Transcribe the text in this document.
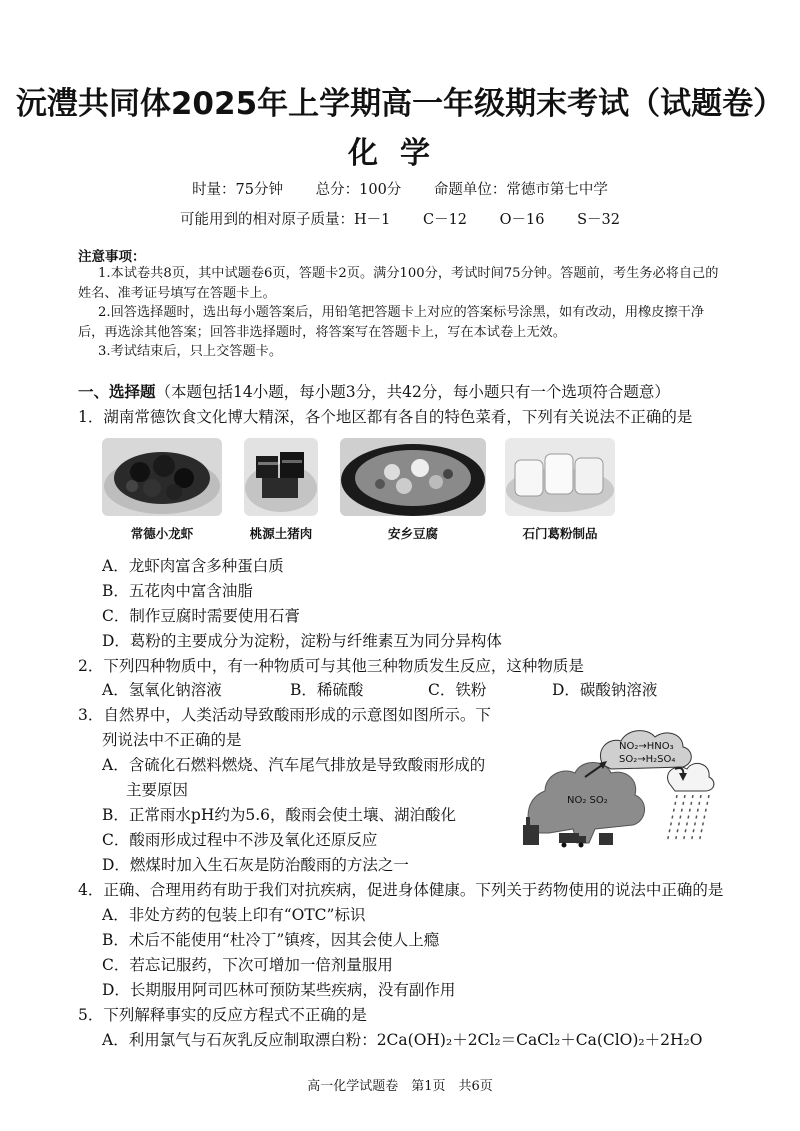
沅澧共同体2025年上学期高一年级期末考试（试题卷）
化学
时量：75分钟 总分：100分 命题单位：常德市第七中学
可能用到的相对原子质量：H－1 C－12 O－16 S－32
注意事项：
1.本试卷共8页，其中试题卷6页，答题卡2页。满分100分，考试时间75分钟。答题前，考生务必将自己的姓名、准考证号填写在答题卡上。
2.回答选择题时，选出每小题答案后，用铅笔把答题卡上对应的答案标号涂黑，如有改动，用橡皮擦干净后，再选涂其他答案；回答非选择题时，将答案写在答题卡上，写在本试卷上无效。
3.考试结束后，只上交答题卡。
一、选择题（本题包括14小题，每小题3分，共42分，每小题只有一个选项符合题意）
1．湖南常德饮食文化博大精深，各个地区都有各自的特色菜肴，下列有关说法不正确的是
常德小龙虾	桃源土猪肉	安乡豆腐	石门葛粉制品
A．龙虾肉富含多种蛋白质
B．五花肉中富含油脂
C．制作豆腐时需要使用石膏
D．葛粉的主要成分为淀粉，淀粉与纤维素互为同分异构体
2．下列四种物质中，有一种物质可与其他三种物质发生反应，这种物质是
A．氢氧化钠溶液	B．稀硫酸	C．铁粉	D．碳酸钠溶液
3．自然界中，人类活动导致酸雨形成的示意图如图所示。下
列说法中不正确的是
A．含硫化石燃料燃烧、汽车尾气排放是导致酸雨形成的
主要原因
B．正常雨水pH约为5.6，酸雨会使土壤、湖泊酸化
C．酸雨形成过程中不涉及氧化还原反应
D．燃煤时加入生石灰是防治酸雨的方法之一
NO₂→HNO₃
SO₂→H₂SO₄
NO₂ SO₂
4．正确、合理用药有助于我们对抗疾病，促进身体健康。下列关于药物使用的说法中正确的是
A．非处方药的包装上印有“OTC”标识
B．术后不能使用“杜冷丁”镇疼，因其会使人上瘾
C．若忘记服药，下次可增加一倍剂量服用
D．长期服用阿司匹林可预防某些疾病，没有副作用
5．下列解释事实的反应方程式不正确的是
A．利用氯气与石灰乳反应制取漂白粉：2Ca(OH)₂＋2Cl₂＝CaCl₂＋Ca(ClO)₂＋2H₂O
高一化学试题卷　第1页　共6页
